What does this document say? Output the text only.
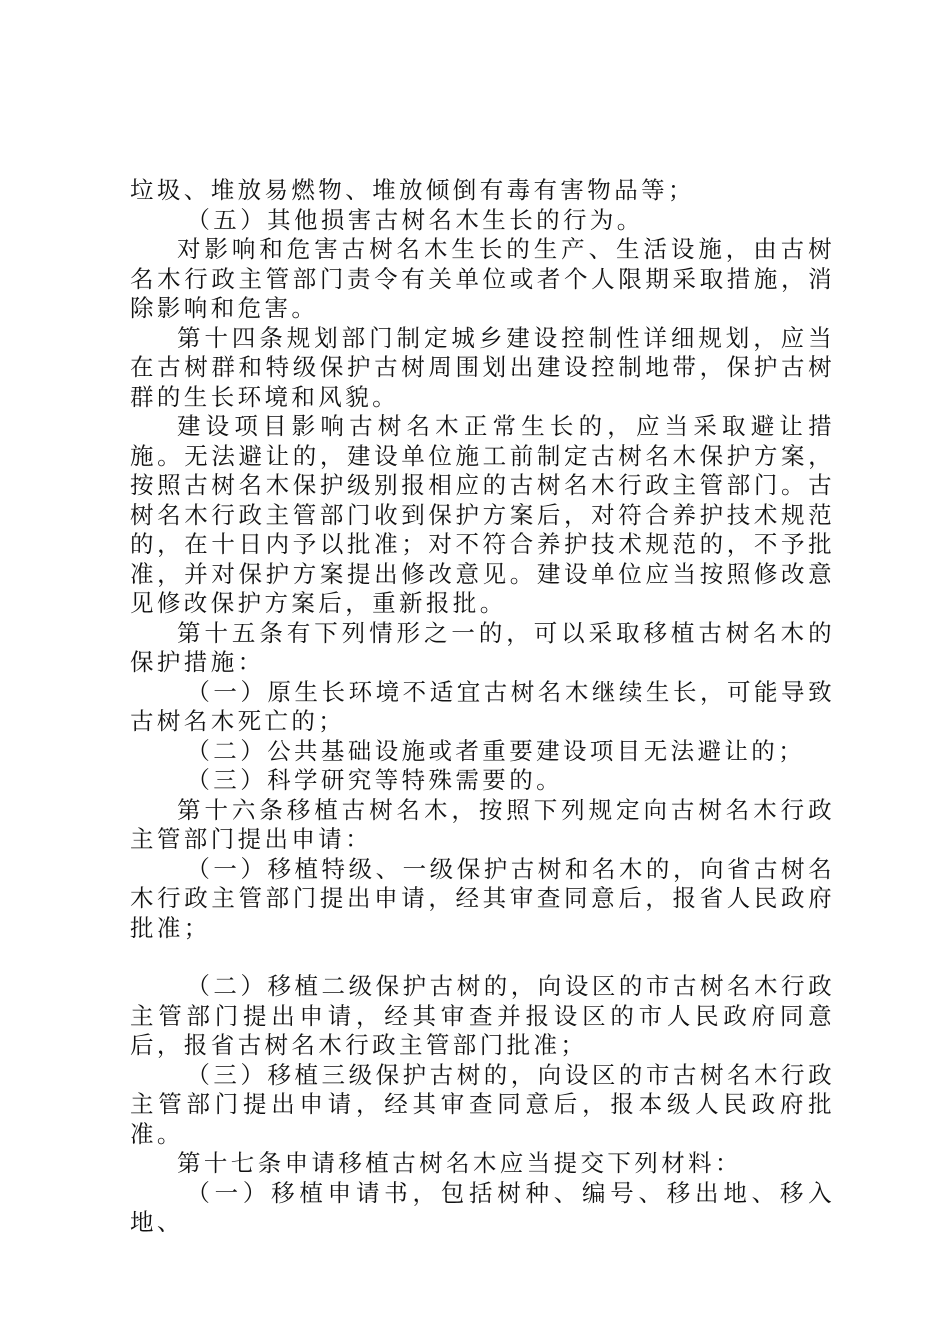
垃圾、堆放易燃物、堆放倾倒有毒有害物品等；

（五）其他损害古树名木生长的行为。

对影响和危害古树名木生长的生产、生活设施，由古树名木行政主管部门责令有关单位或者个人限期采取措施，消除影响和危害。

第十四条规划部门制定城乡建设控制性详细规划，应当在古树群和特级保护古树周围划出建设控制地带，保护古树群的生长环境和风貌。

建设项目影响古树名木正常生长的，应当采取避让措施。无法避让的，建设单位施工前制定古树名木保护方案，按照古树名木保护级别报相应的古树名木行政主管部门。古树名木行政主管部门收到保护方案后，对符合养护技术规范的，在十日内予以批准；对不符合养护技术规范的，不予批准，并对保护方案提出修改意见。建设单位应当按照修改意见修改保护方案后，重新报批。

第十五条有下列情形之一的，可以采取移植古树名木的保护措施：

（一）原生长环境不适宜古树名木继续生长，可能导致古树名木死亡的；

（二）公共基础设施或者重要建设项目无法避让的；

（三）科学研究等特殊需要的。

第十六条移植古树名木，按照下列规定向古树名木行政主管部门提出申请：

（一）移植特级、一级保护古树和名木的，向省古树名木行政主管部门提出申请，经其审查同意后，报省人民政府批准；

（二）移植二级保护古树的，向设区的市古树名木行政主管部门提出申请，经其审查并报设区的市人民政府同意后，报省古树名木行政主管部门批准；

（三）移植三级保护古树的，向设区的市古树名木行政主管部门提出申请，经其审查同意后，报本级人民政府批准。

第十七条申请移植古树名木应当提交下列材料：

（一）移植申请书，包括树种、编号、移出地、移入地、
